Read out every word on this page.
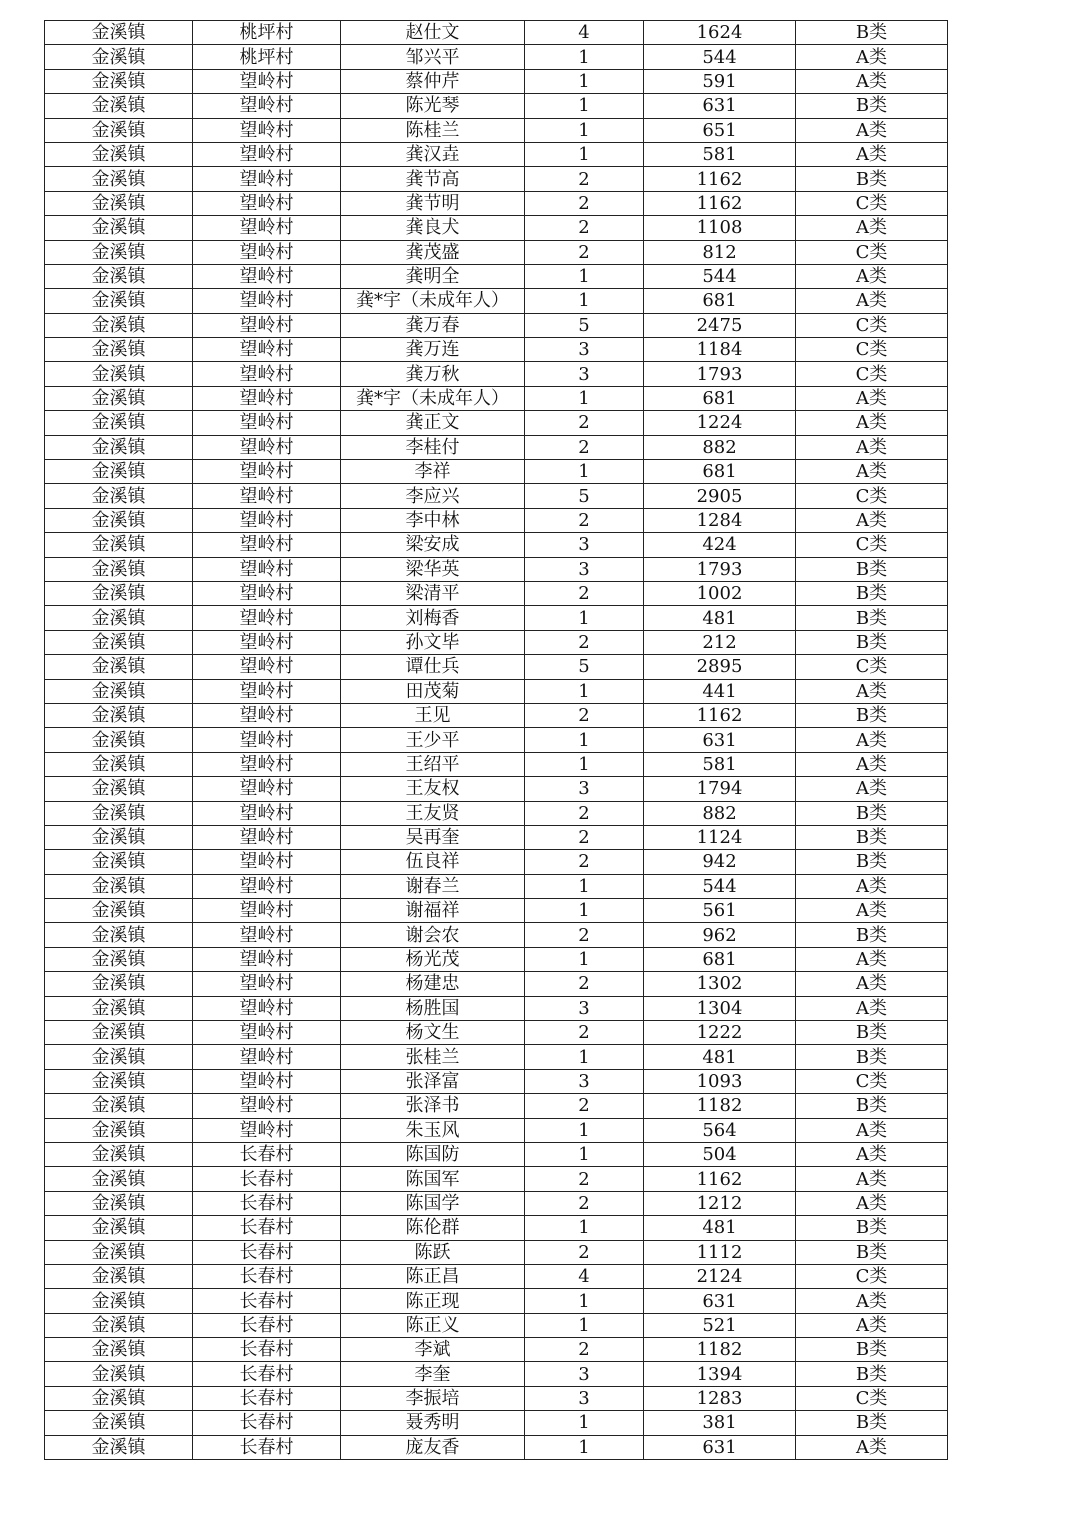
金溪镇	桃坪村	赵仕文	4	1624	B类
金溪镇	桃坪村	邹兴平	1	544	A类
金溪镇	望岭村	蔡仲芹	1	591	A类
金溪镇	望岭村	陈光琴	1	631	B类
金溪镇	望岭村	陈桂兰	1	651	A类
金溪镇	望岭村	龚汉垚	1	581	A类
金溪镇	望岭村	龚节高	2	1162	B类
金溪镇	望岭村	龚节明	2	1162	C类
金溪镇	望岭村	龚良犬	2	1108	A类
金溪镇	望岭村	龚茂盛	2	812	C类
金溪镇	望岭村	龚明全	1	544	A类
金溪镇	望岭村	龚*宇（未成年人）	1	681	A类
金溪镇	望岭村	龚万春	5	2475	C类
金溪镇	望岭村	龚万连	3	1184	C类
金溪镇	望岭村	龚万秋	3	1793	C类
金溪镇	望岭村	龚*宇（未成年人）	1	681	A类
金溪镇	望岭村	龚正文	2	1224	A类
金溪镇	望岭村	李桂付	2	882	A类
金溪镇	望岭村	李祥	1	681	A类
金溪镇	望岭村	李应兴	5	2905	C类
金溪镇	望岭村	李中林	2	1284	A类
金溪镇	望岭村	梁安成	3	424	C类
金溪镇	望岭村	梁华英	3	1793	B类
金溪镇	望岭村	梁清平	2	1002	B类
金溪镇	望岭村	刘梅香	1	481	B类
金溪镇	望岭村	孙文毕	2	212	B类
金溪镇	望岭村	谭仕兵	5	2895	C类
金溪镇	望岭村	田茂菊	1	441	A类
金溪镇	望岭村	王见	2	1162	B类
金溪镇	望岭村	王少平	1	631	A类
金溪镇	望岭村	王绍平	1	581	A类
金溪镇	望岭村	王友权	3	1794	A类
金溪镇	望岭村	王友贤	2	882	B类
金溪镇	望岭村	吴再奎	2	1124	B类
金溪镇	望岭村	伍良祥	2	942	B类
金溪镇	望岭村	谢春兰	1	544	A类
金溪镇	望岭村	谢福祥	1	561	A类
金溪镇	望岭村	谢会农	2	962	B类
金溪镇	望岭村	杨光茂	1	681	A类
金溪镇	望岭村	杨建忠	2	1302	A类
金溪镇	望岭村	杨胜国	3	1304	A类
金溪镇	望岭村	杨文生	2	1222	B类
金溪镇	望岭村	张桂兰	1	481	B类
金溪镇	望岭村	张泽富	3	1093	C类
金溪镇	望岭村	张泽书	2	1182	B类
金溪镇	望岭村	朱玉风	1	564	A类
金溪镇	长春村	陈国防	1	504	A类
金溪镇	长春村	陈国军	2	1162	A类
金溪镇	长春村	陈国学	2	1212	A类
金溪镇	长春村	陈伦群	1	481	B类
金溪镇	长春村	陈跃	2	1112	B类
金溪镇	长春村	陈正昌	4	2124	C类
金溪镇	长春村	陈正现	1	631	A类
金溪镇	长春村	陈正义	1	521	A类
金溪镇	长春村	李斌	2	1182	B类
金溪镇	长春村	李奎	3	1394	B类
金溪镇	长春村	李振培	3	1283	C类
金溪镇	长春村	聂秀明	1	381	B类
金溪镇	长春村	庞友香	1	631	A类
